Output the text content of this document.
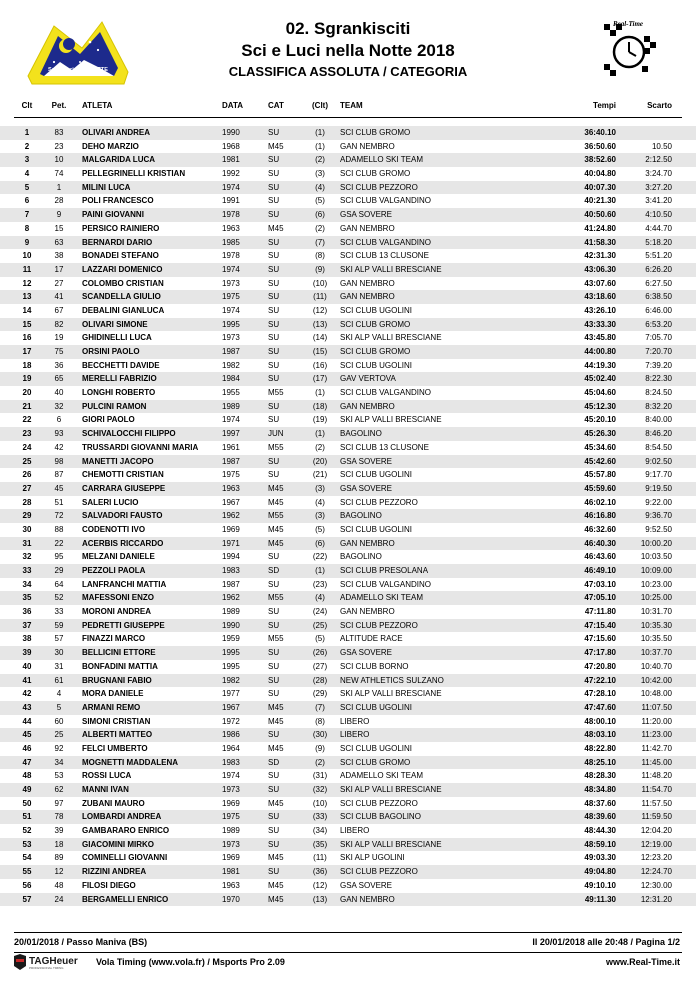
Sci e Luci nella NOTTE
Real-Time
02. Sgrankisciti
Sci e Luci nella Notte 2018
CLASSIFICA ASSOLUTA / CATEGORIA
Clt	Pet.	ATLETA	DATA	CAT	(Clt)	TEAM	Tempi	Scarto
1	83	OLIVARI ANDREA	1990	SU	(1)	SCI CLUB GROMO	36:40.10
2	23	DEHO MARZIO	1968	M45	(1)	GAN NEMBRO	36:50.60	10.50
3	10	MALGARIDA LUCA	1981	SU	(2)	ADAMELLO SKI TEAM	38:52.60	2:12.50
4	74	PELLEGRINELLI KRISTIAN	1992	SU	(3)	SCI CLUB GROMO	40:04.80	3:24.70
5	1	MILINI LUCA	1974	SU	(4)	SCI CLUB PEZZORO	40:07.30	3:27.20
6	28	POLI FRANCESCO	1991	SU	(5)	SCI CLUB VALGANDINO	40:21.30	3:41.20
7	9	PAINI GIOVANNI	1978	SU	(6)	GSA SOVERE	40:50.60	4:10.50
8	15	PERSICO RAINIERO	1963	M45	(2)	GAN NEMBRO	41:24.80	4:44.70
9	63	BERNARDI DARIO	1985	SU	(7)	SCI CLUB VALGANDINO	41:58.30	5:18.20
10	38	BONADEI STEFANO	1978	SU	(8)	SCI CLUB 13 CLUSONE	42:31.30	5:51.20
11	17	LAZZARI DOMENICO	1974	SU	(9)	SKI ALP VALLI BRESCIANE	43:06.30	6:26.20
12	27	COLOMBO CRISTIAN	1973	SU	(10)	GAN NEMBRO	43:07.60	6:27.50
13	41	SCANDELLA GIULIO	1975	SU	(11)	GAN NEMBRO	43:18.60	6:38.50
14	67	DEBALINI GIANLUCA	1974	SU	(12)	SCI CLUB UGOLINI	43:26.10	6:46.00
15	82	OLIVARI SIMONE	1995	SU	(13)	SCI CLUB GROMO	43:33.30	6:53.20
16	19	GHIDINELLI LUCA	1973	SU	(14)	SKI ALP VALLI BRESCIANE	43:45.80	7:05.70
17	75	ORSINI PAOLO	1987	SU	(15)	SCI CLUB GROMO	44:00.80	7:20.70
18	36	BECCHETTI DAVIDE	1982	SU	(16)	SCI CLUB UGOLINI	44:19.30	7:39.20
19	65	MERELLI FABRIZIO	1984	SU	(17)	GAV VERTOVA	45:02.40	8:22.30
20	40	LONGHI ROBERTO	1955	M55	(1)	SCI CLUB VALGANDINO	45:04.60	8:24.50
21	32	PULCINI RAMON	1989	SU	(18)	GAN NEMBRO	45:12.30	8:32.20
22	6	GIORI PAOLO	1974	SU	(19)	SKI ALP VALLI BRESCIANE	45:20.10	8:40.00
23	93	SCHIVALOCCHI FILIPPO	1997	JUN	(1)	BAGOLINO	45:26.30	8:46.20
24	42	TRUSSARDI GIOVANNI MARIA	1961	M55	(2)	SCI CLUB 13 CLUSONE	45:34.60	8:54.50
25	98	MANETTI JACOPO	1987	SU	(20)	GSA SOVERE	45:42.60	9:02.50
26	87	CHEMOTTI CRISTIAN	1975	SU	(21)	SCI CLUB UGOLINI	45:57.80	9:17.70
27	45	CARRARA GIUSEPPE	1963	M45	(3)	GSA SOVERE	45:59.60	9:19.50
28	51	SALERI LUCIO	1967	M45	(4)	SCI CLUB PEZZORO	46:02.10	9:22.00
29	72	SALVADORI FAUSTO	1962	M55	(3)	BAGOLINO	46:16.80	9:36.70
30	88	CODENOTTI IVO	1969	M45	(5)	SCI CLUB UGOLINI	46:32.60	9:52.50
31	22	ACERBIS RICCARDO	1971	M45	(6)	GAN NEMBRO	46:40.30	10:00.20
32	95	MELZANI DANIELE	1994	SU	(22)	BAGOLINO	46:43.60	10:03.50
33	29	PEZZOLI PAOLA	1983	SD	(1)	SCI CLUB PRESOLANA	46:49.10	10:09.00
34	64	LANFRANCHI MATTIA	1987	SU	(23)	SCI CLUB VALGANDINO	47:03.10	10:23.00
35	52	MAFESSONI ENZO	1962	M55	(4)	ADAMELLO SKI TEAM	47:05.10	10:25.00
36	33	MORONI ANDREA	1989	SU	(24)	GAN NEMBRO	47:11.80	10:31.70
37	59	PEDRETTI GIUSEPPE	1990	SU	(25)	SCI CLUB PEZZORO	47:15.40	10:35.30
38	57	FINAZZI MARCO	1959	M55	(5)	ALTITUDE RACE	47:15.60	10:35.50
39	30	BELLICINI ETTORE	1995	SU	(26)	GSA SOVERE	47:17.80	10:37.70
40	31	BONFADINI MATTIA	1995	SU	(27)	SCI CLUB BORNO	47:20.80	10:40.70
41	61	BRUGNANI FABIO	1982	SU	(28)	NEW ATHLETICS SULZANO	47:22.10	10:42.00
42	4	MORA DANIELE	1977	SU	(29)	SKI ALP VALLI BRESCIANE	47:28.10	10:48.00
43	5	ARMANI REMO	1967	M45	(7)	SCI CLUB UGOLINI	47:47.60	11:07.50
44	60	SIMONI CRISTIAN	1972	M45	(8)	LIBERO	48:00.10	11:20.00
45	25	ALBERTI MATTEO	1986	SU	(30)	LIBERO	48:03.10	11:23.00
46	92	FELCI UMBERTO	1964	M45	(9)	SCI CLUB UGOLINI	48:22.80	11:42.70
47	34	MOGNETTI MADDALENA	1983	SD	(2)	SCI CLUB GROMO	48:25.10	11:45.00
48	53	ROSSI LUCA	1974	SU	(31)	ADAMELLO SKI TEAM	48:28.30	11:48.20
49	62	MANNI IVAN	1973	SU	(32)	SKI ALP VALLI BRESCIANE	48:34.80	11:54.70
50	97	ZUBANI MAURO	1969	M45	(10)	SCI CLUB PEZZORO	48:37.60	11:57.50
51	78	LOMBARDI ANDREA	1975	SU	(33)	SCI CLUB BAGOLINO	48:39.60	11:59.50
52	39	GAMBARARO ENRICO	1989	SU	(34)	LIBERO	48:44.30	12:04.20
53	18	GIACOMINI MIRKO	1973	SU	(35)	SKI ALP VALLI BRESCIANE	48:59.10	12:19.00
54	89	COMINELLI GIOVANNI	1969	M45	(11)	SKI ALP UGOLINI	49:03.30	12:23.20
55	12	RIZZINI ANDREA	1981	SU	(36)	SCI CLUB PEZZORO	49:04.80	12:24.70
56	48	FILOSI DIEGO	1963	M45	(12)	GSA SOVERE	49:10.10	12:30.00
57	24	BERGAMELLI ENRICO	1970	M45	(13)	GAN NEMBRO	49:11.30	12:31.20
20/01/2018 / Passo Maniva (BS)	Il 20/01/2018 alle 20:48 / Pagina 1/2
TAGHeuer
PROFESSIONAL TIMING
Vola Timing (www.vola.fr) / Msports Pro 2.09	www.Real-Time.it
